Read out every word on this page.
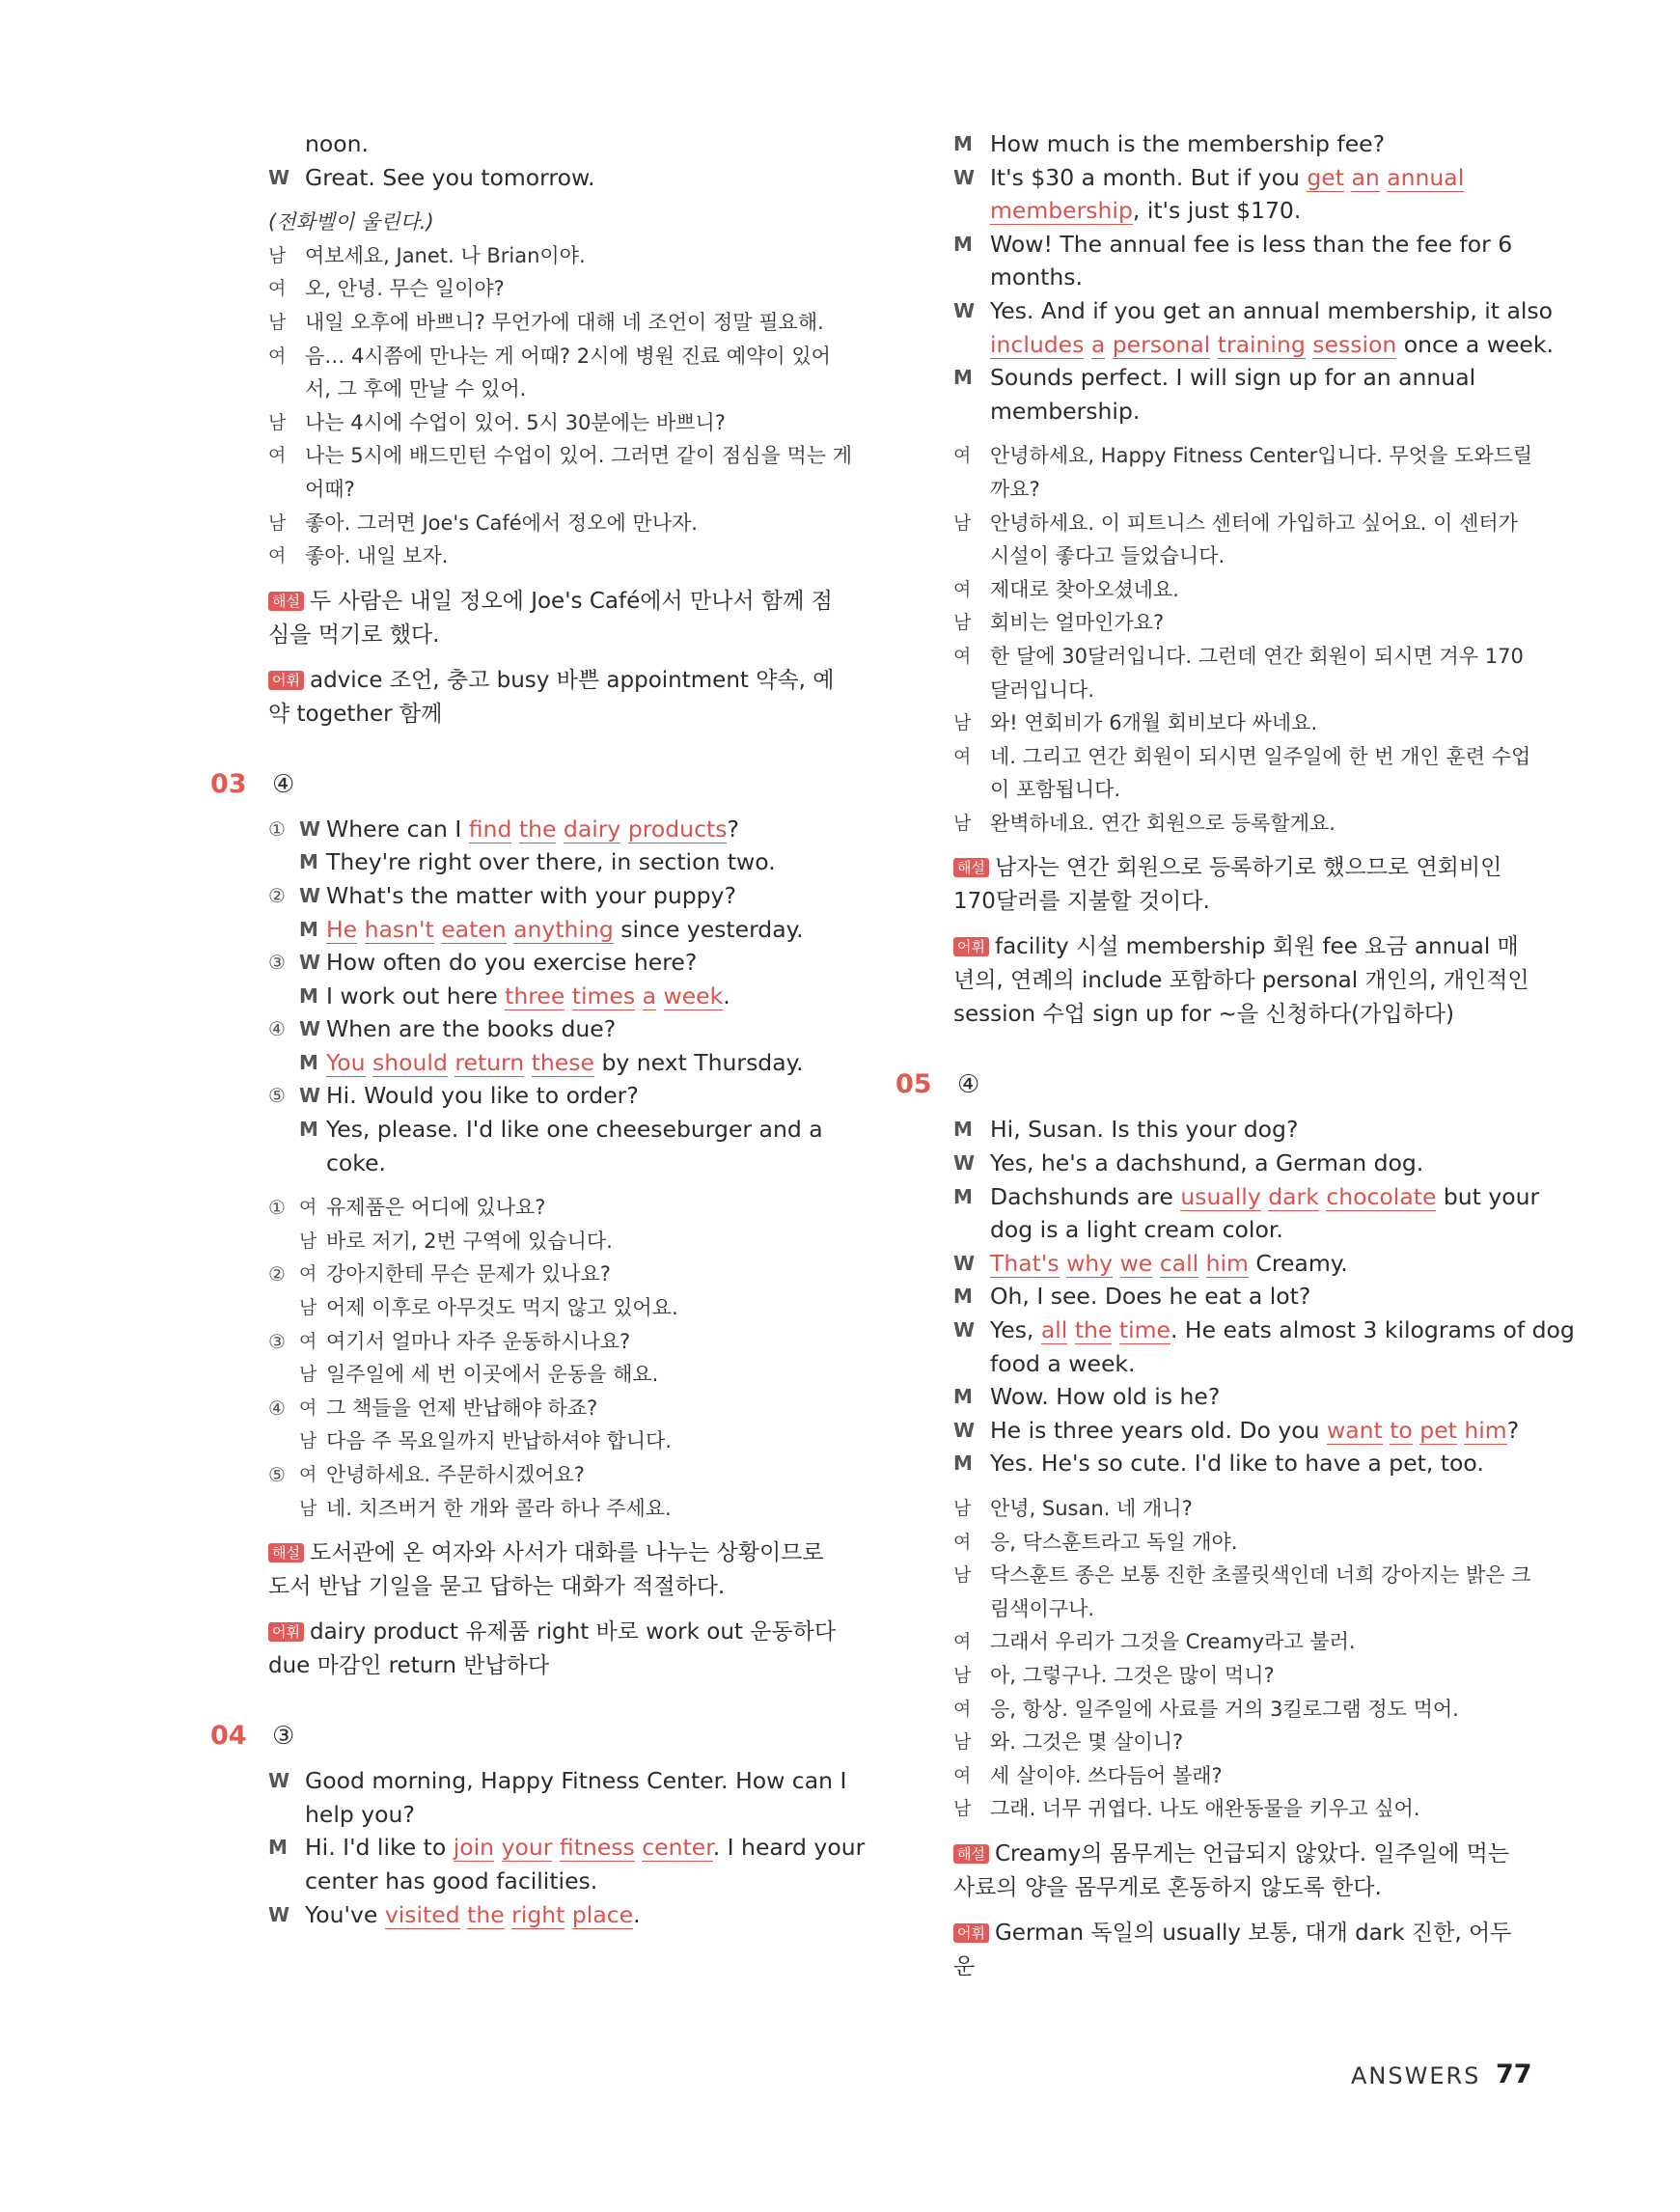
noon.
W Great. See you tomorrow.
(전화벨이 울린다.)
남 여보세요, Janet. 나 Brian이야.
여 오, 안녕. 무슨 일이야?
남 내일 오후에 바쁘니? 무언가에 대해 네 조언이 정말 필요해.
여 음… 4시쯤에 만나는 게 어때? 2시에 병원 진료 예약이 있어
서, 그 후에 만날 수 있어.
남 나는 4시에 수업이 있어. 5시 30분에는 바쁘니?
여 나는 5시에 배드민턴 수업이 있어. 그러면 같이 점심을 먹는 게
어때?
남 좋아. 그러면 Joe's Café에서 정오에 만나자.
여 좋아. 내일 보자.
해설 두 사람은 내일 정오에 Joe's Café에서 만나서 함께 점심을 먹기로 했다.
어휘 advice 조언, 충고 busy 바쁜 appointment 약속, 예약 together 함께
03 ④
① W Where can I find the dairy products?
M They're right over there, in section two.
② W What's the matter with your puppy?
M He hasn't eaten anything since yesterday.
③ W How often do you exercise here?
M I work out here three times a week.
④ W When are the books due?
M You should return these by next Thursday.
⑤ W Hi. Would you like to order?
M Yes, please. I'd like one cheeseburger and a
coke.
① 여 유제품은 어디에 있나요?
남 바로 저기, 2번 구역에 있습니다.
② 여 강아지한테 무슨 문제가 있나요?
남 어제 이후로 아무것도 먹지 않고 있어요.
③ 여 여기서 얼마나 자주 운동하시나요?
남 일주일에 세 번 이곳에서 운동을 해요.
④ 여 그 책들을 언제 반납해야 하죠?
남 다음 주 목요일까지 반납하셔야 합니다.
⑤ 여 안녕하세요. 주문하시겠어요?
남 네. 치즈버거 한 개와 콜라 하나 주세요.
해설 도서관에 온 여자와 사서가 대화를 나누는 상황이므로 도서 반납 기일을 묻고 답하는 대화가 적절하다.
어휘 dairy product 유제품 right 바로 work out 운동하다 due 마감인 return 반납하다
04 ③
W Good morning, Happy Fitness Center. How can I
help you?
M Hi. I'd like to join your fitness center. I heard your
center has good facilities.
W You've visited the right place.
M How much is the membership fee?
W It's $30 a month. But if you get an annual
membership, it's just $170.
M Wow! The annual fee is less than the fee for 6
months.
W Yes. And if you get an annual membership, it also
includes a personal training session once a week.
M Sounds perfect. I will sign up for an annual
membership.
여 안녕하세요, Happy Fitness Center입니다. 무엇을 도와드릴
까요?
남 안녕하세요. 이 피트니스 센터에 가입하고 싶어요. 이 센터가
시설이 좋다고 들었습니다.
여 제대로 찾아오셨네요.
남 회비는 얼마인가요?
여 한 달에 30달러입니다. 그런데 연간 회원이 되시면 겨우 170
달러입니다.
남 와! 연회비가 6개월 회비보다 싸네요.
여 네. 그리고 연간 회원이 되시면 일주일에 한 번 개인 훈련 수업
이 포함됩니다.
남 완벽하네요. 연간 회원으로 등록할게요.
해설 남자는 연간 회원으로 등록하기로 했으므로 연회비인 170달러를 지불할 것이다.
어휘 facility 시설 membership 회원 fee 요금 annual 매년의, 연례의 include 포함하다 personal 개인의, 개인적인 session 수업 sign up for ~을 신청하다(가입하다)
05 ④
M Hi, Susan. Is this your dog?
W Yes, he's a dachshund, a German dog.
M Dachshunds are usually dark chocolate but your
dog is a light cream color.
W That's why we call him Creamy.
M Oh, I see. Does he eat a lot?
W Yes, all the time. He eats almost 3 kilograms of dog
food a week.
M Wow. How old is he?
W He is three years old. Do you want to pet him?
M Yes. He's so cute. I'd like to have a pet, too.
남 안녕, Susan. 네 개니?
여 응, 닥스훈트라고 독일 개야.
남 닥스훈트 종은 보통 진한 초콜릿색인데 너희 강아지는 밝은 크
림색이구나.
여 그래서 우리가 그것을 Creamy라고 불러.
남 아, 그렇구나. 그것은 많이 먹니?
여 응, 항상. 일주일에 사료를 거의 3킬로그램 정도 먹어.
남 와. 그것은 몇 살이니?
여 세 살이야. 쓰다듬어 볼래?
남 그래. 너무 귀엽다. 나도 애완동물을 키우고 싶어.
해설 Creamy의 몸무게는 언급되지 않았다. 일주일에 먹는 사료의 양을 몸무게로 혼동하지 않도록 한다.
어휘 German 독일의 usually 보통, 대개 dark 진한, 어두운
ANSWERS 77
